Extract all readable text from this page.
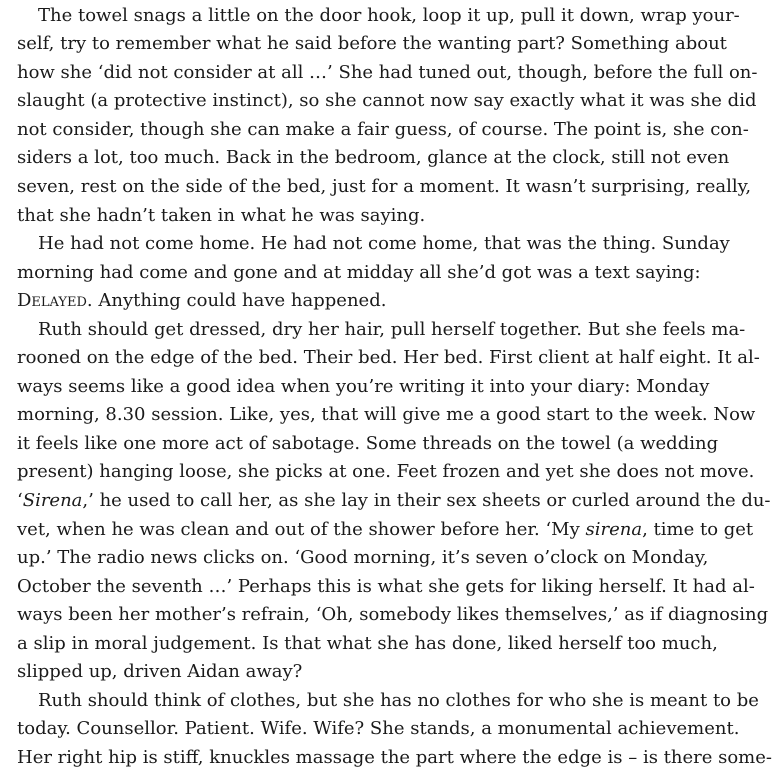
The towel snags a little on the door hook, loop it up, pull it down, wrap your-
self, try to remember what he said before the wanting part? Something about
how she ‘did not consider at all …’ She had tuned out, though, before the full on-
slaught (a protective instinct), so she cannot now say exactly what it was she did
not consider, though she can make a fair guess, of course. The point is, she con-
siders a lot, too much. Back in the bedroom, glance at the clock, still not even
seven, rest on the side of the bed, just for a moment. It wasn’t surprising, really,
that she hadn’t taken in what he was saying.
He had not come home. He had not come home, that was the thing. Sunday
morning had come and gone and at midday all she’d got was a text saying:
Delayed. Anything could have happened.
Ruth should get dressed, dry her hair, pull herself together. But she feels ma-
rooned on the edge of the bed. Their bed. Her bed. First client at half eight. It al-
ways seems like a good idea when you’re writing it into your diary: Monday
morning, 8.30 session. Like, yes, that will give me a good start to the week. Now
it feels like one more act of sabotage. Some threads on the towel (a wedding
present) hanging loose, she picks at one. Feet frozen and yet she does not move.
‘Sirena,’ he used to call her, as she lay in their sex sheets or curled around the du-
vet, when he was clean and out of the shower before her. ‘My sirena, time to get
up.’ The radio news clicks on. ‘Good morning, it’s seven o’clock on Monday,
October the seventh …’ Perhaps this is what she gets for liking herself. It had al-
ways been her mother’s refrain, ‘Oh, somebody likes themselves,’ as if diagnosing
a slip in moral judgement. Is that what she has done, liked herself too much,
slipped up, driven Aidan away?
Ruth should think of clothes, but she has no clothes for who she is meant to be
today. Counsellor. Patient. Wife. Wife? She stands, a monumental achievement.
Her right hip is stiff, knuckles massage the part where the edge is – is there some-
